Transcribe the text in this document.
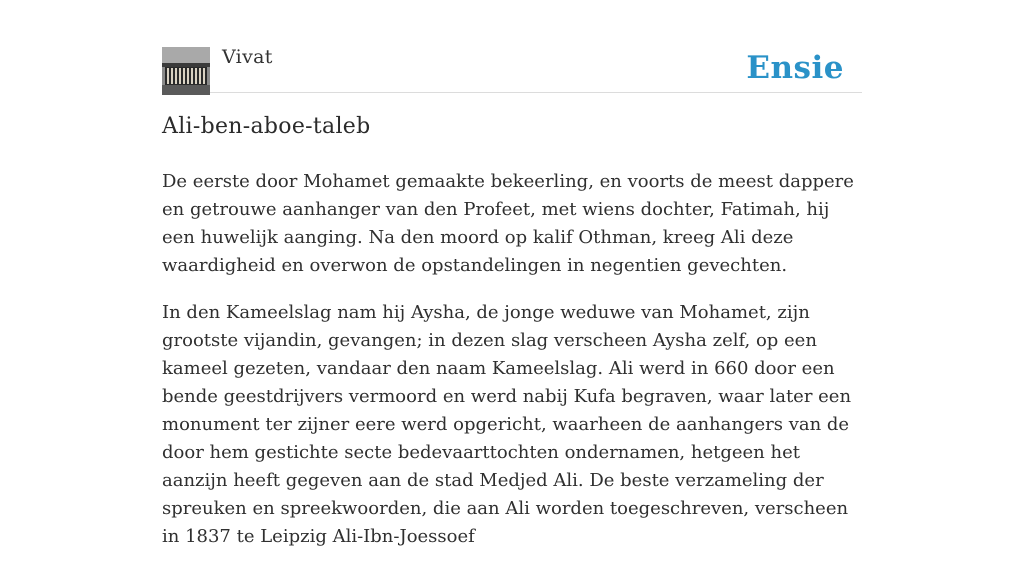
Vivat	Ensie
Ali-ben-aboe-taleb

De eerste door Mohamet gemaakte bekeerling, en voorts de meest dappere en getrouwe aanhanger van den Profeet, met wiens dochter, Fatimah, hij een huwelijk aanging. Na den moord op kalif Othman, kreeg Ali deze waardigheid en overwon de opstandelingen in negentien gevechten.

In den Kameelslag nam hij Aysha, de jonge weduwe van Mohamet, zijn grootste vijandin, gevangen; in dezen slag verscheen Aysha zelf, op een kameel gezeten, vandaar den naam Kameelslag. Ali werd in 660 door een bende geestdrijvers vermoord en werd nabij Kufa begraven, waar later een monument ter zijner eere werd opgericht, waarheen de aanhangers van de door hem gestichte secte bedevaarttochten ondernamen, hetgeen het aanzijn heeft gegeven aan de stad Medjed Ali. De beste verzameling der spreuken en spreekwoorden, die aan Ali worden toegeschreven, verscheen in 1837 te Leipzig Ali-Ibn-Joessoef
